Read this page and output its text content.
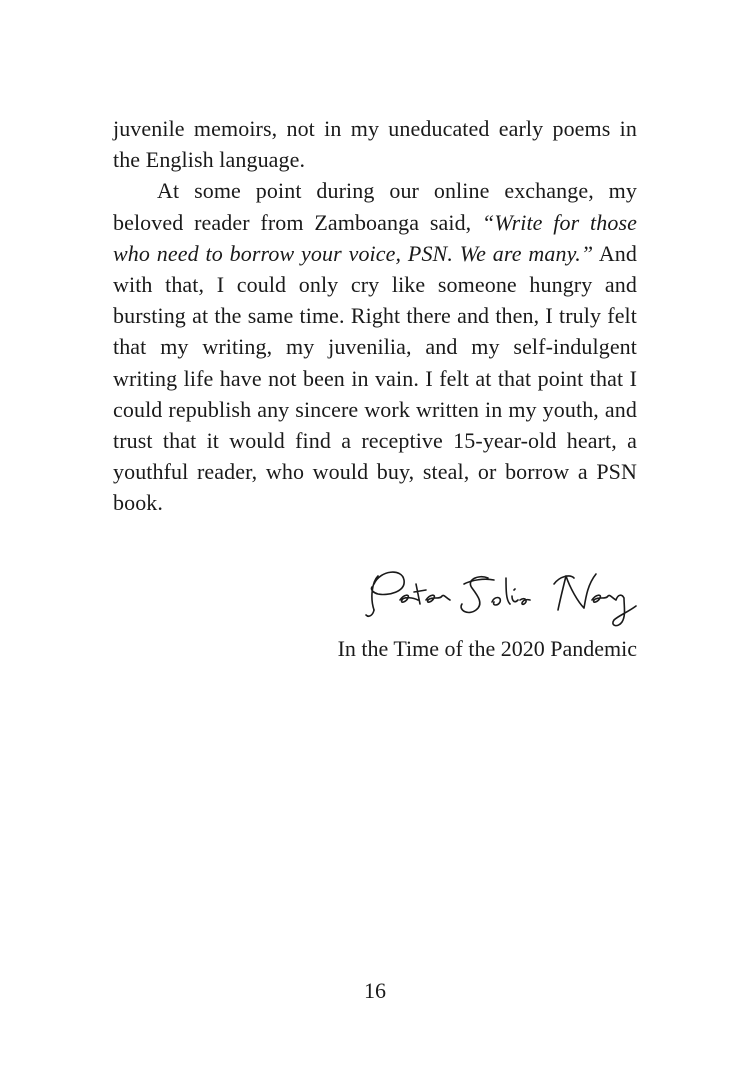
juvenile memoirs, not in my uneducated early poems in the English language.

At some point during our online exchange, my beloved reader from Zamboanga said, “Write for those who need to borrow your voice, PSN. We are many.” And with that, I could only cry like someone hungry and bursting at the same time. Right there and then, I truly felt that my writing, my juvenilia, and my self-indulgent writing life have not been in vain. I felt at that point that I could republish any sincere work written in my youth, and trust that it would find a receptive 15-year-old heart, a youthful reader, who would buy, steal, or borrow a PSN book.

In the Time of the 2020 Pandemic
16
